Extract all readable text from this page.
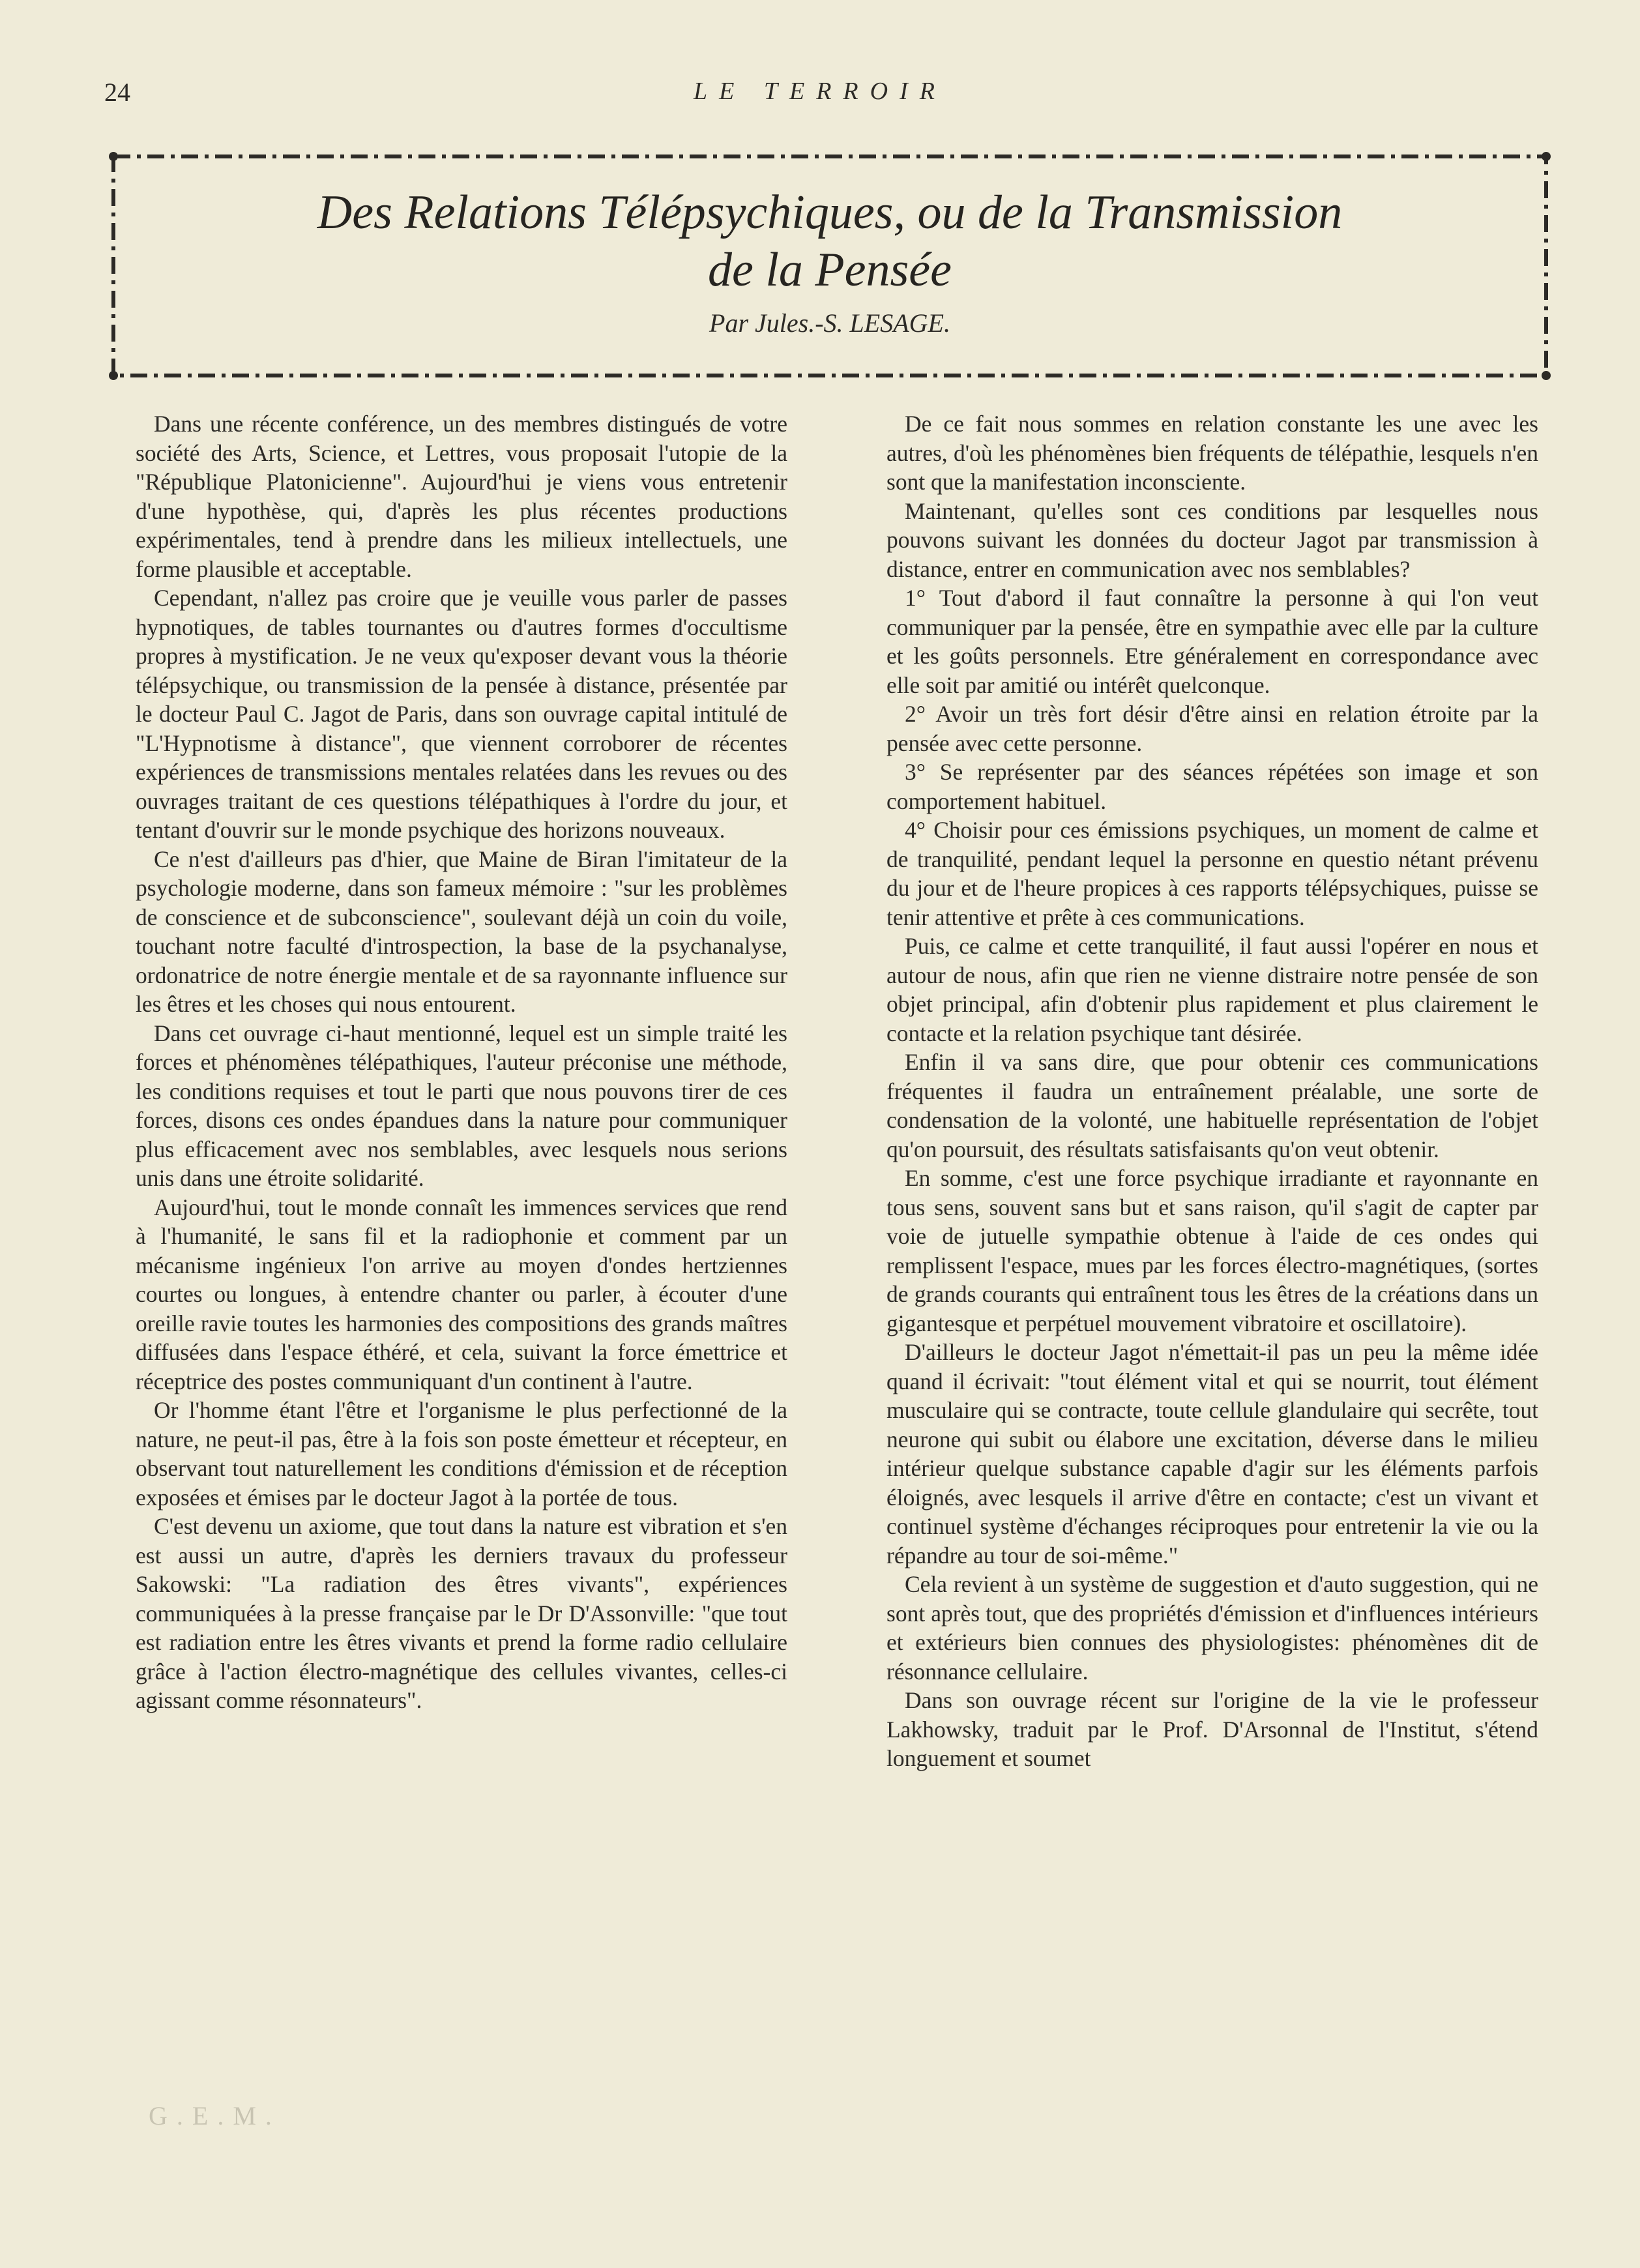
24	LE TERROIR
Des Relations Télépsychiques, ou de la Transmission
de la Pensée
Par Jules.-S. LESAGE.

Dans une récente conférence, un des membres distingués de votre société des Arts, Science, et Lettres, vous proposait l'utopie de la "République Platonicienne". Aujourd'hui je viens vous entretenir d'une hypothèse, qui, d'après les plus récentes productions expérimentales, tend à prendre dans les milieux intellectuels, une forme plausible et acceptable.

Cependant, n'allez pas croire que je veuille vous parler de passes hypnotiques, de tables tournantes ou d'autres formes d'occultisme propres à mystification. Je ne veux qu'exposer devant vous la théorie télépsychique, ou transmission de la pensée à distance, présentée par le docteur Paul C. Jagot de Paris, dans son ouvrage capital intitulé de "L'Hypnotisme à distance", que viennent corroborer de récentes expériences de transmissions mentales relatées dans les revues ou des ouvrages traitant de ces questions télépathiques à l'ordre du jour, et tentant d'ouvrir sur le monde psychique des horizons nouveaux.

Ce n'est d'ailleurs pas d'hier, que Maine de Biran l'imitateur de la psychologie moderne, dans son fameux mémoire : "sur les problèmes de conscience et de subconscience", soulevant déjà un coin du voile, touchant notre faculté d'introspection, la base de la psychanalyse, ordonatrice de notre énergie mentale et de sa rayonnante influence sur les êtres et les choses qui nous entourent.

Dans cet ouvrage ci-haut mentionné, lequel est un simple traité les forces et phénomènes télépathiques, l'auteur préconise une méthode, les conditions requises et tout le parti que nous pouvons tirer de ces forces, disons ces ondes épandues dans la nature pour communiquer plus efficacement avec nos semblables, avec lesquels nous serions unis dans une étroite solidarité.

Aujourd'hui, tout le monde connaît les immences services que rend à l'humanité, le sans fil et la radiophonie et comment par un mécanisme ingénieux l'on arrive au moyen d'ondes hertziennes courtes ou longues, à entendre chanter ou parler, à écouter d'une oreille ravie toutes les harmonies des compositions des grands maîtres diffusées dans l'espace éthéré, et cela, suivant la force émettrice et réceptrice des postes communiquant d'un continent à l'autre.

Or l'homme étant l'être et l'organisme le plus perfectionné de la nature, ne peut-il pas, être à la fois son poste émetteur et récepteur, en observant tout naturellement les conditions d'émission et de réception exposées et émises par le docteur Jagot à la portée de tous.

C'est devenu un axiome, que tout dans la nature est vibration et s'en est aussi un autre, d'après les derniers travaux du professeur Sakowski: "La radiation des êtres vivants", expériences communiquées à la presse française par le Dr D'Assonville: "que tout est radiation entre les êtres vivants et prend la forme radio cellulaire grâce à l'action électro-magnétique des cellules vivantes, celles-ci agissant comme résonnateurs".

De ce fait nous sommes en relation constante les une avec les autres, d'où les phénomènes bien fréquents de télépathie, lesquels n'en sont que la manifestation inconsciente.

Maintenant, qu'elles sont ces conditions par lesquelles nous pouvons suivant les données du docteur Jagot par transmission à distance, entrer en communication avec nos semblables?

1° Tout d'abord il faut connaître la personne à qui l'on veut communiquer par la pensée, être en sympathie avec elle par la culture et les goûts personnels. Etre généralement en correspondance avec elle soit par amitié ou intérêt quelconque.

2° Avoir un très fort désir d'être ainsi en relation étroite par la pensée avec cette personne.

3° Se représenter par des séances répétées son image et son comportement habituel.

4° Choisir pour ces émissions psychiques, un moment de calme et de tranquilité, pendant lequel la personne en questio nétant prévenu du jour et de l'heure propices à ces rapports télépsychiques, puisse se tenir attentive et prête à ces communications.

Puis, ce calme et cette tranquilité, il faut aussi l'opérer en nous et autour de nous, afin que rien ne vienne distraire notre pensée de son objet principal, afin d'obtenir plus rapidement et plus clairement le contacte et la relation psychique tant désirée.

Enfin il va sans dire, que pour obtenir ces communications fréquentes il faudra un entraînement préalable, une sorte de condensation de la volonté, une habituelle représentation de l'objet qu'on poursuit, des résultats satisfaisants qu'on veut obtenir.

En somme, c'est une force psychique irradiante et rayonnante en tous sens, souvent sans but et sans raison, qu'il s'agit de capter par voie de jutuelle sympathie obtenue à l'aide de ces ondes qui remplissent l'espace, mues par les forces électro-magnétiques, (sortes de grands courants qui entraînent tous les êtres de la créations dans un gigantesque et perpétuel mouvement vibratoire et oscillatoire).

D'ailleurs le docteur Jagot n'émettait-il pas un peu la même idée quand il écrivait: "tout élément vital et qui se nourrit, tout élément musculaire qui se contracte, toute cellule glandulaire qui secrête, tout neurone qui subit ou élabore une excitation, déverse dans le milieu intérieur quelque substance capable d'agir sur les éléments parfois éloignés, avec lesquels il arrive d'être en contacte; c'est un vivant et continuel système d'échanges réciproques pour entretenir la vie ou la répandre au tour de soi-même."

Cela revient à un système de suggestion et d'auto suggestion, qui ne sont après tout, que des propriétés d'émission et d'influences intérieurs et extérieurs bien connues des physiologistes: phénomènes dit de résonnance cellulaire.

Dans son ouvrage récent sur l'origine de la vie le professeur Lakhowsky, traduit par le Prof. D'Arsonnal de l'Institut, s'étend longuement et soumet

G.E.M.
